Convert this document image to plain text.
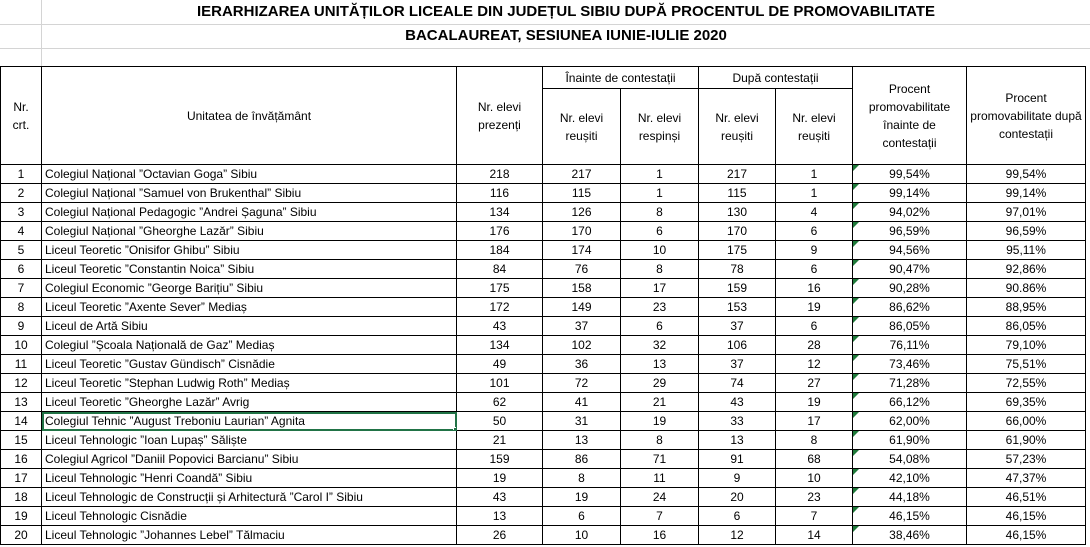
IERARHIZAREA UNITĂȚILOR LICEALE DIN JUDEȚUL SIBIU DUPĂ PROCENTUL DE PROMOVABILITATE
BACALAUREAT, SESIUNEA IUNIE-IULIE 2020
Nr. crt.	Unitatea de învățământ	Nr. elevi prezenți	Înainte de contestații		După contestații		Procent promovabilitate înainte de contestații	Procent promovabilitate după contestații
			Nr. elevi reușiti	Nr. elevi respinși	Nr. elevi reușiti	Nr. elevi reușiti		
1	Colegiul Național ”Octavian Goga” Sibiu	218	217	1	217	1	99,54%	99,54%
2	Colegiul Național ”Samuel von Brukenthal” Sibiu	116	115	1	115	1	99,14%	99,14%
3	Colegiul Național Pedagogic ”Andrei Șaguna” Sibiu	134	126	8	130	4	94,02%	97,01%
4	Colegiul Național ”Gheorghe Lazăr” Sibiu	176	170	6	170	6	96,59%	96,59%
5	Liceul Teoretic ”Onisifor Ghibu” Sibiu	184	174	10	175	9	94,56%	95,11%
6	Liceul Teoretic ”Constantin Noica” Sibiu	84	76	8	78	6	90,47%	92,86%
7	Colegiul Economic ”George Barițiu” Sibiu	175	158	17	159	16	90,28%	90.86%
8	Liceul Teoretic ”Axente Sever” Mediaș	172	149	23	153	19	86,62%	88,95%
9	Liceul de Artă Sibiu	43	37	6	37	6	86,05%	86,05%
10	Colegiul ”Școala Națională de Gaz” Mediaș	134	102	32	106	28	76,11%	79,10%
11	Liceul Teoretic ”Gustav Gündisch” Cisnădie	49	36	13	37	12	73,46%	75,51%
12	Liceul Teoretic ”Stephan Ludwig Roth” Mediaș	101	72	29	74	27	71,28%	72,55%
13	Liceul Teoretic ”Gheorghe Lazăr” Avrig	62	41	21	43	19	66,12%	69,35%
14	Colegiul Tehnic ”August Treboniu Laurian” Agnita	50	31	19	33	17	62,00%	66,00%
15	Liceul Tehnologic ”Ioan Lupaș” Săliște	21	13	8	13	8	61,90%	61,90%
16	Colegiul Agricol ”Daniil Popovici Barcianu” Sibiu	159	86	71	91	68	54,08%	57,23%
17	Liceul Tehnologic ”Henri Coandă” Sibiu	19	8	11	9	10	42,10%	47,37%
18	Liceul Tehnologic de Construcții și Arhitectură ”Carol I” Sibiu	43	19	24	20	23	44,18%	46,51%
19	Liceul Tehnologic Cisnădie	13	6	7	6	7	46,15%	46,15%
20	Liceul Tehnologic ”Johannes Lebel” Tălmaciu	26	10	16	12	14	38,46%	46,15%
